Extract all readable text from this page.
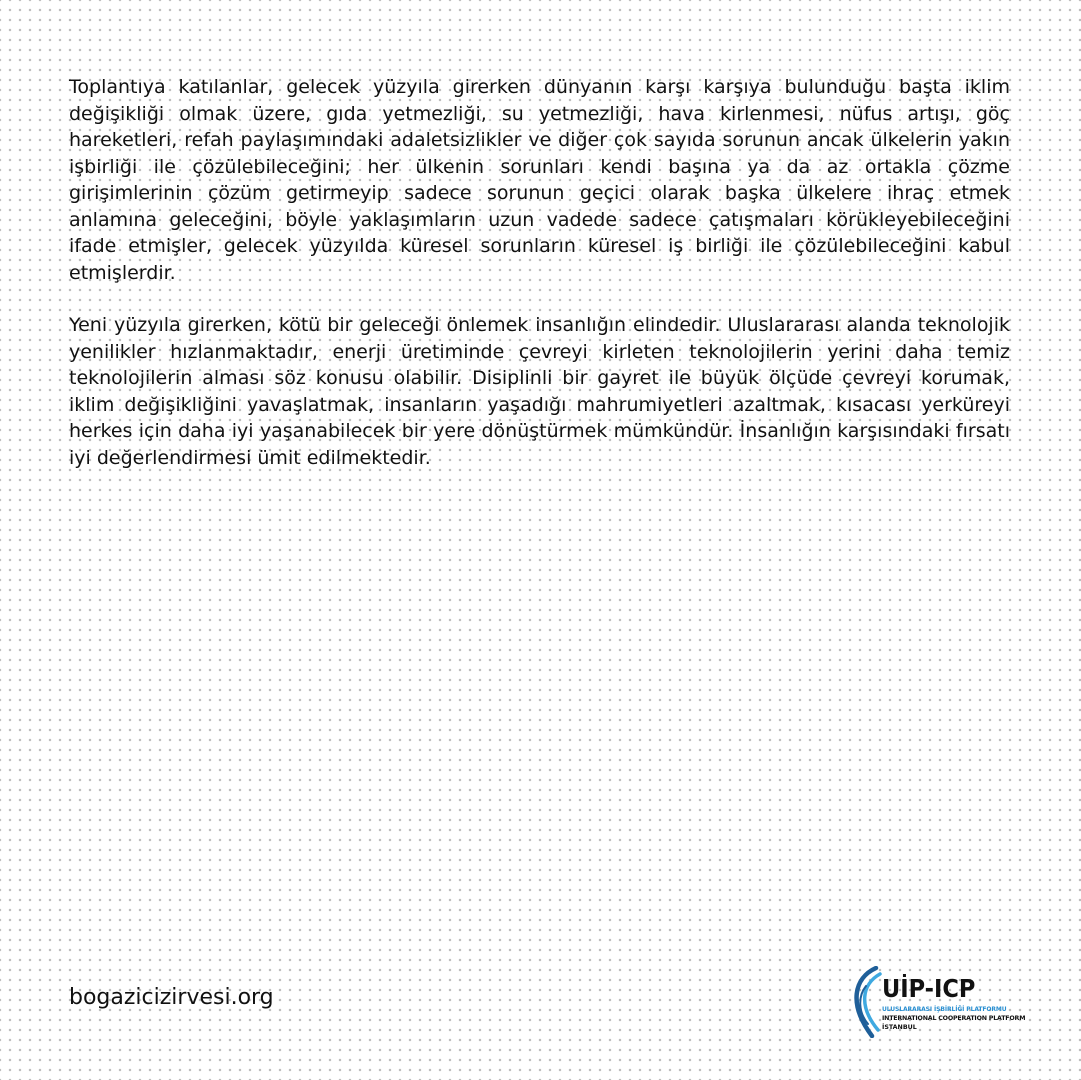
Toplantıya katılanlar, gelecek yüzyıla girerken dünyanın karşı karşıya bulunduğu başta iklim değişikliği olmak üzere, gıda yetmezliği, su yetmezliği, hava kirlenmesi, nüfus artışı, göç hareketleri, refah paylaşımındaki adaletsizlikler ve diğer çok sayıda sorunun ancak ülkelerin yakın işbirliği ile çözülebileceğini; her ülkenin sorunları kendi başına ya da az ortakla çözme girişimlerinin çözüm getirmeyip sadece sorunun geçici olarak başka ülkelere ihraç etmek anlamına geleceğini, böyle yaklaşımların uzun vadede sadece çatışmaları körükleyebileceğini ifade etmişler, gelecek yüzyılda küresel sorunların küresel iş birliği ile çözülebileceğini kabul etmişlerdir.

Yeni yüzyıla girerken, kötü bir geleceği önlemek insanlığın elindedir. Uluslararası alanda teknolojik yenilikler hızlanmaktadır, enerji üretiminde çevreyi kirleten teknolojilerin yerini daha temiz teknolojilerin alması söz konusu olabilir. Disiplinli bir gayret ile büyük ölçüde çevreyi korumak, iklim değişikliğini yavaşlatmak, insanların yaşadığı mahrumiyetleri azaltmak, kısacası yerküreyi herkes için daha iyi yaşanabilecek bir yere dönüştürmek mümkündür. İnsanlığın karşısındaki fırsatı iyi değerlendirmesi ümit edilmektedir.

bogazicizirvesi.org	UİP-ICP
ULUSLARARASI İŞBİRLİĞİ PLATFORMU
INTERNATIONAL COOPERATION PLATFORM
İSTANBUL
